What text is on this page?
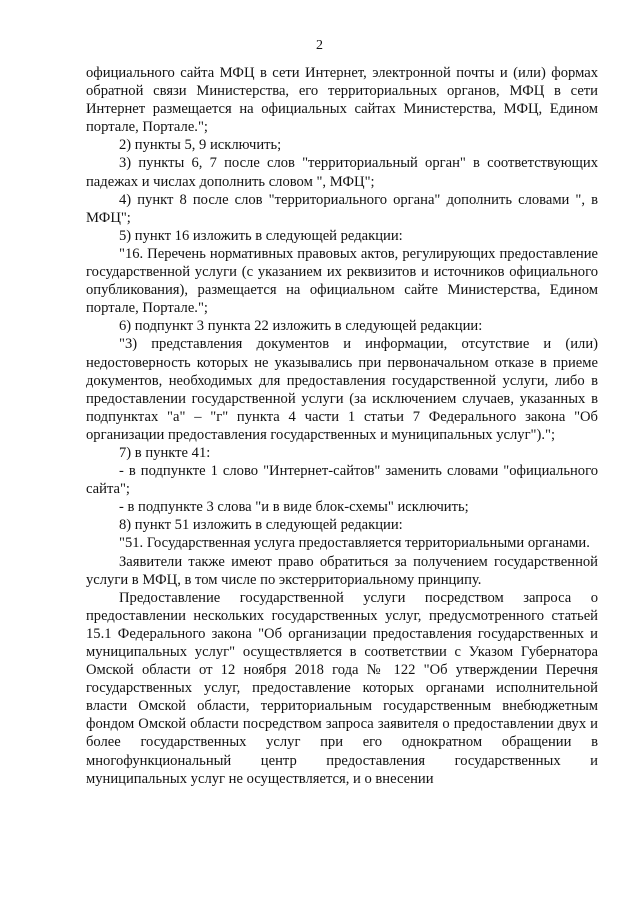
2

официального сайта МФЦ в сети Интернет, электронной почты и (или) формах обратной связи Министерства, его территориальных органов, МФЦ в сети Интернет размещается на официальных сайтах Министерства, МФЦ, Едином портале, Портале.";

2) пункты 5, 9 исключить;

3) пункты 6, 7 после слов "территориальный орган" в соответствующих падежах и числах дополнить словом ", МФЦ";

4) пункт 8 после слов "территориального органа" дополнить словами ", в МФЦ";

5) пункт 16 изложить в следующей редакции:

"16. Перечень нормативных правовых актов, регулирующих предоставление государственной услуги (с указанием их реквизитов и источников официального опубликования), размещается на официальном сайте Министерства, Едином портале, Портале.";

6) подпункт 3 пункта 22 изложить в следующей редакции:

"3) представления документов и информации, отсутствие и (или) недостоверность которых не указывались при первоначальном отказе в приеме документов, необходимых для предоставления государственной услуги, либо в предоставлении государственной услуги (за исключением случаев, указанных в подпунктах "а" – "г" пункта 4 части 1 статьи 7 Федерального закона "Об организации предоставления государственных и муниципальных услуг").";

7) в пункте 41:

- в подпункте 1 слово "Интернет-сайтов" заменить словами "официального сайта";

- в подпункте 3 слова "и в виде блок-схемы" исключить;

8) пункт 51 изложить в следующей редакции:

"51. Государственная услуга предоставляется территориальными органами.

Заявители также имеют право обратиться за получением государственной услуги в МФЦ, в том числе по экстерриториальному принципу.

Предоставление государственной услуги посредством запроса о предоставлении нескольких государственных услуг, предусмотренного статьей 15.1 Федерального закона "Об организации предоставления государственных и муниципальных услуг" осуществляется в соответствии с Указом Губернатора Омской области от 12 ноября 2018 года № 122 "Об утверждении Перечня государственных услуг, предоставление которых органами исполнительной власти Омской области, территориальным государственным внебюджетным фондом Омской области посредством запроса заявителя о предоставлении двух и более государственных услуг при его однократном обращении в многофункциональный центр предоставления государственных и муниципальных услуг не осуществляется, и о внесении
